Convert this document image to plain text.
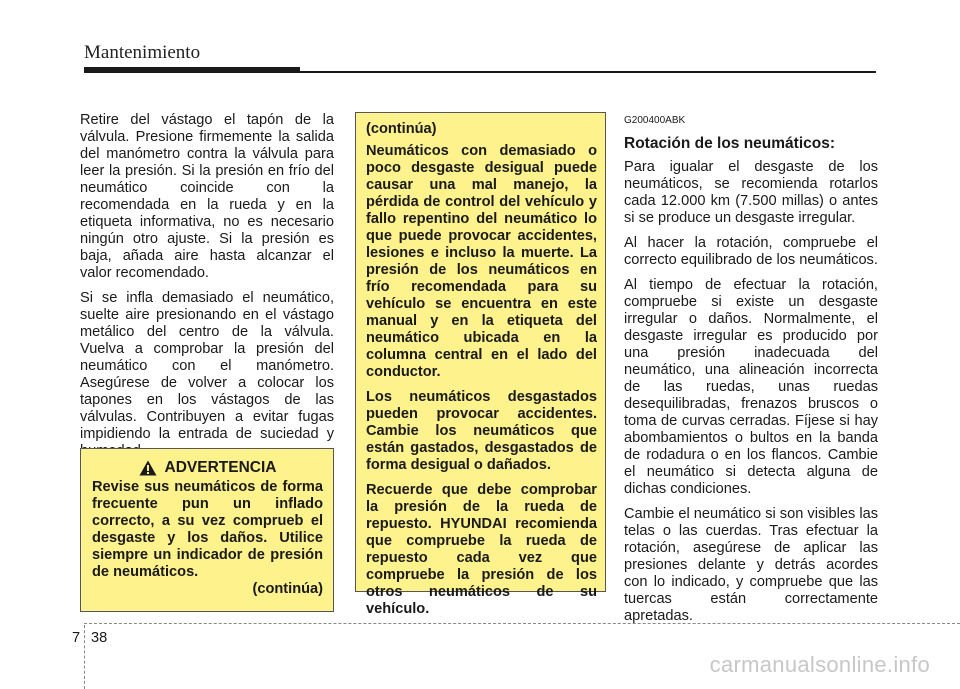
Mantenimiento

Retire del vástago el tapón de la válvula. Presione firmemente la salida del manómetro contra la válvula para leer la presión. Si la presión en frío del neumático coincide con la recomendada en la rueda y en la etiqueta informativa, no es necesario ningún otro ajuste. Si la presión es baja, añada aire hasta alcanzar el valor recomendado.

Si se infla demasiado el neumático, suelte aire presionando en el vástago metálico del centro de la válvula. Vuelva a comprobar la presión del neumático con el manómetro. Asegúrese de volver a colocar los tapones en los vástagos de las válvulas. Contribuyen a evitar fugas impidiendo la entrada de suciedad y

ADVERTENCIA
Revise sus neumáticos de forma frecuente pun un inflado correcto, a su vez comprueb el desgaste y los daños. Utilice siempre un indicador de presión de neumáticos.
(continúa)

(continúa)

Neumáticos con demasiado o poco desgaste desigual puede causar una mal manejo, la pérdida de control del vehículo y fallo repentino del neumático lo que puede provocar accidentes, lesiones e incluso la muerte. La presión de los neumáticos en frío recomendada para su vehículo se encuentra en este manual y en la etiqueta del neumático ubicada en la columna central en el lado del conductor.

Los neumáticos desgastados pueden provocar accidentes. Cambie los neumáticos que están gastados, desgastados de forma desigual o dañados.

Recuerde que debe comprobar la presión de la rueda de repuesto. HYUNDAI recomienda que compruebe la rueda de repuesto cada vez que compruebe la presión de los otros neumáticos de su vehículo.

G200400ABK
Rotación de los neumáticos:

Para igualar el desgaste de los neumáticos, se recomienda rotarlos cada 12.000 km (7.500 millas) o antes si se produce un desgaste irregular.

Al hacer la rotación, compruebe el correcto equilibrado de los neumáticos.

Al tiempo de efectuar la rotación, compruebe si existe un desgaste irregular o daños. Normalmente, el desgaste irregular es producido por una presión inadecuada del neumático, una alineación incorrecta de las ruedas, unas ruedas desequilibradas, frenazos bruscos o toma de curvas cerradas. Fíjese si hay abombamientos o bultos en la banda de rodadura o en los flancos. Cambie el neumático si detecta alguna de dichas condiciones.

Cambie el neumático si son visibles las telas o las cuerdas. Tras efectuar la rotación, asegúrese de aplicar las presiones delante y detrás acordes con lo indicado, y compruebe que las tuercas están correctamente apretadas.

7 38
carmanualsonline.info
